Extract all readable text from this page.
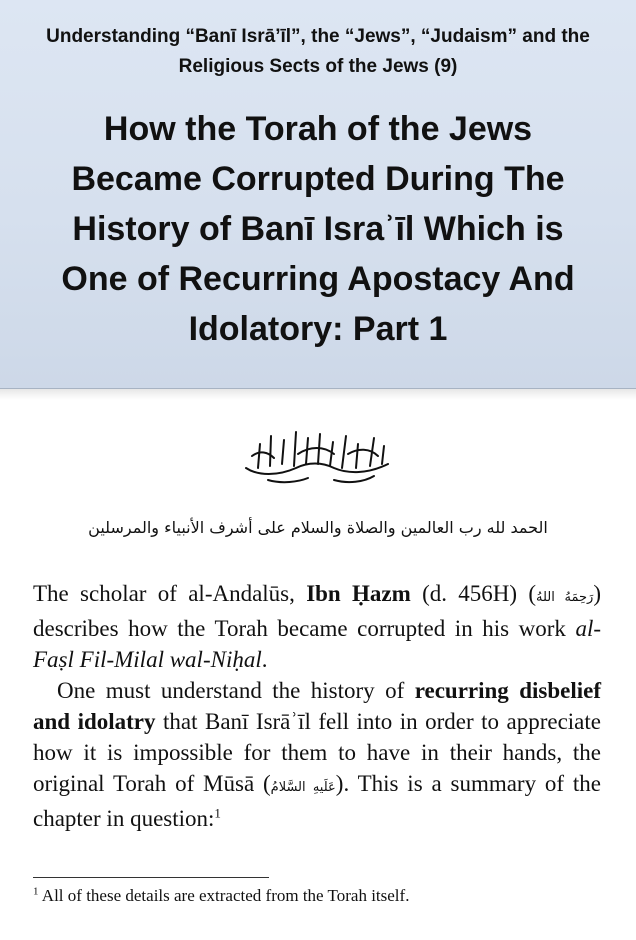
Understanding “Banī Isrā’īl”, the “Jews”, “Judaism” and the
Religious Sects of the Jews (9)
How the Torah of the Jews
Became Corrupted During The
History of Banī Israʾīl Which is
One of Recurring Apostacy And
Idolatory: Part 1
بسم الله الرحمن الرحيم
الحمد لله رب العالمين والصلاة والسلام على أشرف الأنبياء والمرسلين

The scholar of al-Andalūs, Ibn Ḥazm (d. 456H) (رَحِمَهُ اللهُ) describes how the Torah became corrupted in his work al-Faṣl Fil-Milal wal-Niḥal.

One must understand the history of recurring disbelief and idolatry that Banī Isrāʾīl fell into in order to appreciate how it is impossible for them to have in their hands, the original Torah of Mūsā (عَلَيهِ السَّلامُ). This is a summary of the chapter in question:$^1$

$^1$ All of these details are extracted from the Torah itself.
